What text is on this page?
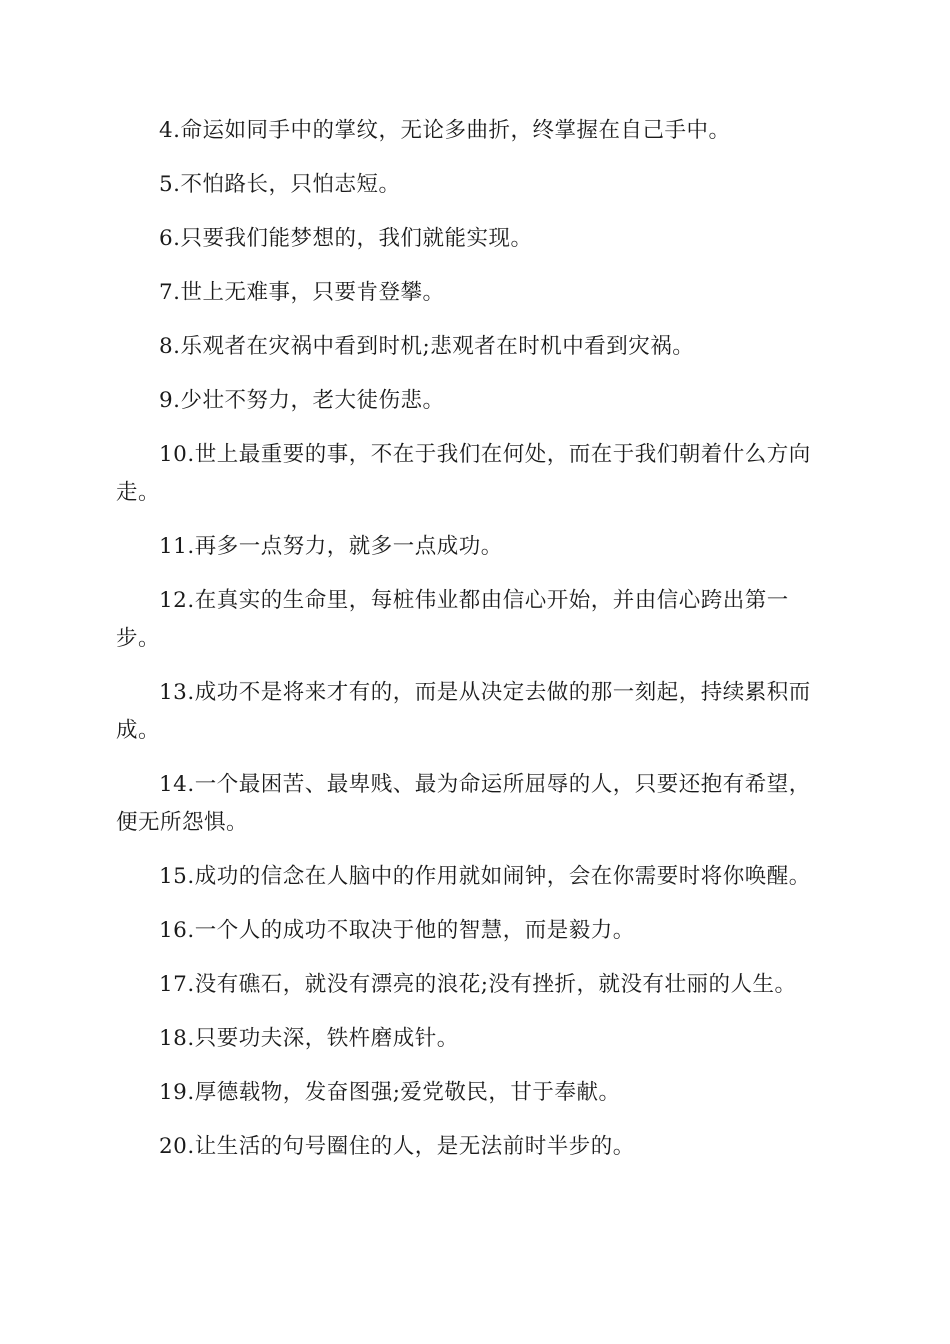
4.命运如同手中的掌纹，无论多曲折，终掌握在自己手中。

5.不怕路长，只怕志短。

6.只要我们能梦想的，我们就能实现。

7.世上无难事，只要肯登攀。

8.乐观者在灾祸中看到时机;悲观者在时机中看到灾祸。

9.少壮不努力，老大徒伤悲。

10.世上最重要的事，不在于我们在何处，而在于我们朝着什么方向走。

11.再多一点努力，就多一点成功。

12.在真实的生命里，每桩伟业都由信心开始，并由信心跨出第一步。

13.成功不是将来才有的，而是从决定去做的那一刻起，持续累积而成。

14.一个最困苦、最卑贱、最为命运所屈辱的人，只要还抱有希望，便无所怨惧。

15.成功的信念在人脑中的作用就如闹钟，会在你需要时将你唤醒。

16.一个人的成功不取决于他的智慧，而是毅力。

17.没有礁石，就没有漂亮的浪花;没有挫折，就没有壮丽的人生。

18.只要功夫深，铁杵磨成针。

19.厚德载物，发奋图强;爱党敬民，甘于奉献。

20.让生活的句号圈住的人，是无法前时半步的。
